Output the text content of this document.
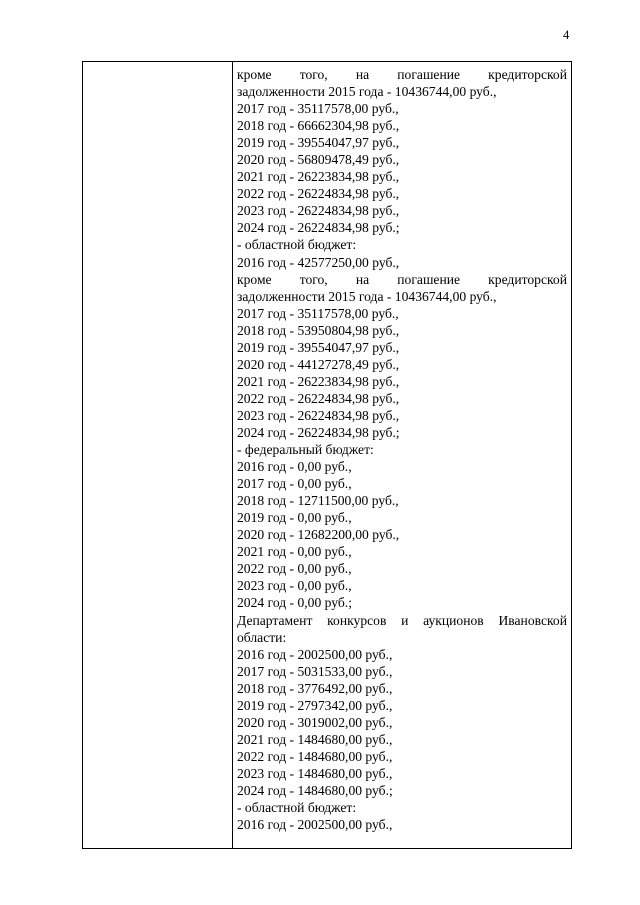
4
кроме того, на погашение кредиторской
задолженности 2015 года - 10436744,00 руб.,
2017 год - 35117578,00 руб.,
2018 год - 66662304,98 руб.,
2019 год - 39554047,97 руб.,
2020 год - 56809478,49 руб.,
2021 год - 26223834,98 руб.,
2022 год - 26224834,98 руб.,
2023 год - 26224834,98 руб.,
2024 год - 26224834,98 руб.;
- областной бюджет:
2016 год - 42577250,00 руб.,
кроме того, на погашение кредиторской
задолженности 2015 года - 10436744,00 руб.,
2017 год - 35117578,00 руб.,
2018 год - 53950804,98 руб.,
2019 год - 39554047,97 руб.,
2020 год - 44127278,49 руб.,
2021 год - 26223834,98 руб.,
2022 год - 26224834,98 руб.,
2023 год - 26224834,98 руб.,
2024 год - 26224834,98 руб.;
- федеральный бюджет:
2016 год - 0,00 руб.,
2017 год - 0,00 руб.,
2018 год - 12711500,00 руб.,
2019 год - 0,00 руб.,
2020 год - 12682200,00 руб.,
2021 год - 0,00 руб.,
2022 год - 0,00 руб.,
2023 год - 0,00 руб.,
2024 год - 0,00 руб.;
Департамент конкурсов и аукционов Ивановской
области:
2016 год - 2002500,00 руб.,
2017 год - 5031533,00 руб.,
2018 год - 3776492,00 руб.,
2019 год - 2797342,00 руб.,
2020 год - 3019002,00 руб.,
2021 год - 1484680,00 руб.,
2022 год - 1484680,00 руб.,
2023 год - 1484680,00 руб.,
2024 год - 1484680,00 руб.;
- областной бюджет:
2016 год - 2002500,00 руб.,
